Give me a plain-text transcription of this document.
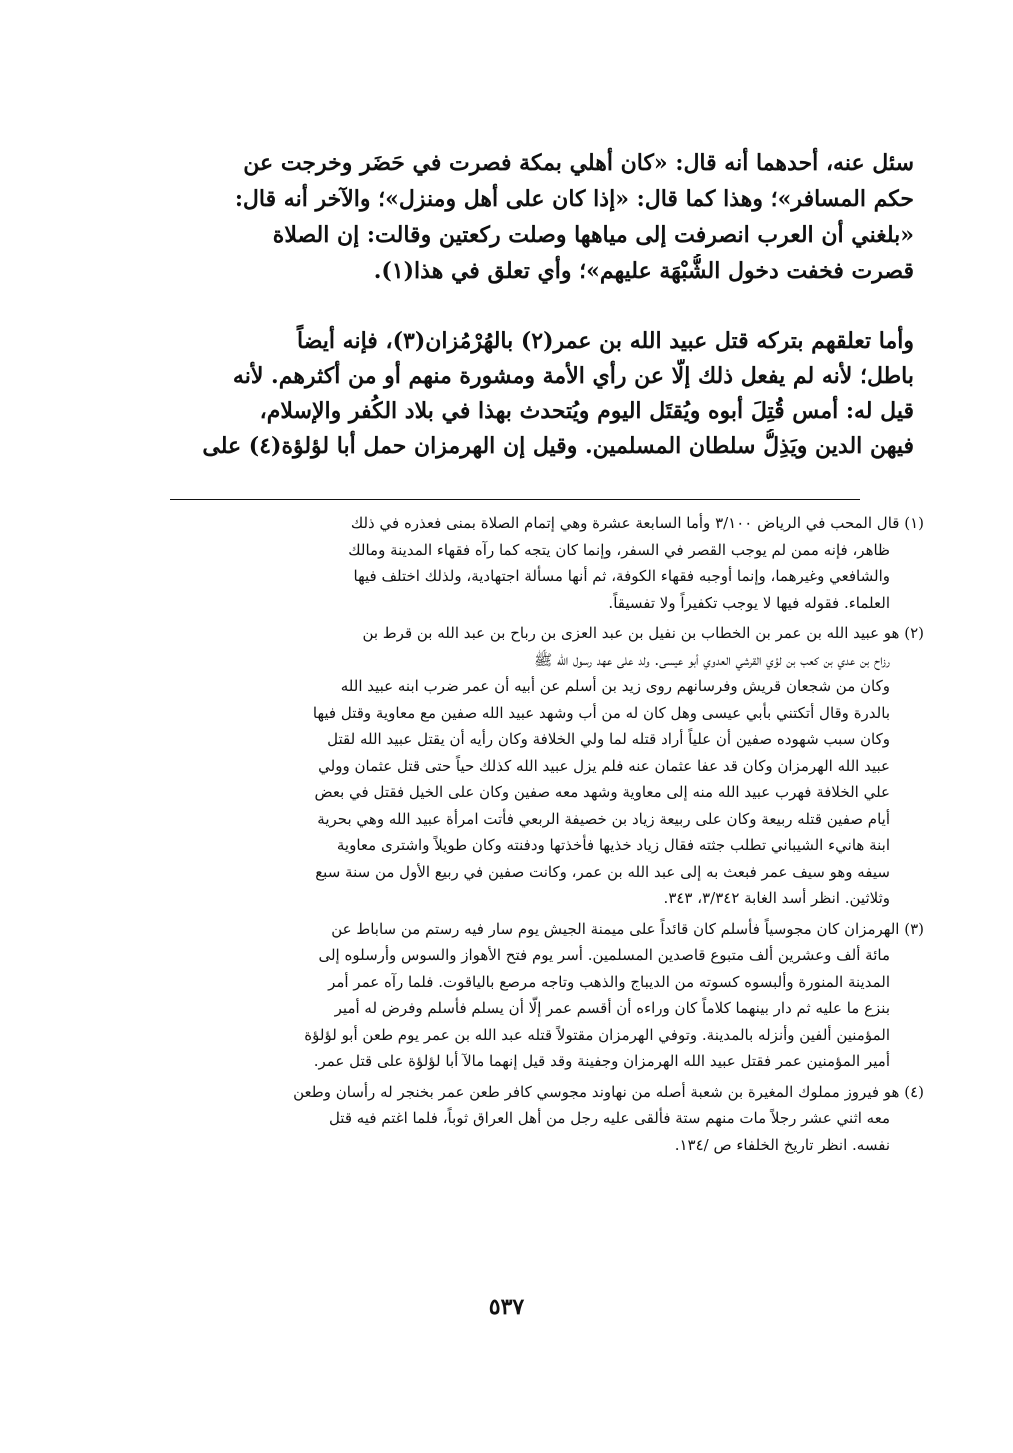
سئل عنه، أحدهما أنه قال: «كان أهلي بمكة فصرت في حَضَر وخرجت عن
حكم المسافر»؛ وهذا كما قال: «إذا كان على أهل ومنزل»؛ والآخر أنه قال:
«بلغني أن العرب انصرفت إلى مياهها وصلت ركعتين وقالت: إن الصلاة
قصرت فخفت دخول الشُّبْهَة عليهم»؛ وأي تعلق في هذا(١).
وأما تعلقهم بتركه قتل عبيد الله بن عمر(٢) بالهُرْمُزان(٣)، فإنه أيضاً
باطل؛ لأنه لم يفعل ذلك إلّا عن رأي الأمة ومشورة منهم أو من أكثرهم. لأنه
قيل له: أمس قُتِلَ أبوه ويُقتَل اليوم ويُتحدث بهذا في بلاد الكُفر والإسلام،
فيهن الدين ويَذِلُّ سلطان المسلمين. وقيل إن الهرمزان حمل أبا لؤلؤة(٤) على
(١) قال المحب في الرياض ٣/١٠٠ وأما السابعة عشرة وهي إتمام الصلاة بمنى فعذره في ذلك
ظاهر، فإنه ممن لم يوجب القصر في السفر، وإنما كان يتجه كما رآه فقهاء المدينة ومالك
والشافعي وغيرهما، وإنما أوجبه فقهاء الكوفة، ثم أنها مسألة اجتهادية، ولذلك اختلف فيها
العلماء. فقوله فيها لا يوجب تكفيراً ولا تفسيقاً.
(٢) هو عبيد الله بن عمر بن الخطاب بن نفيل بن عبد العزى بن رباح بن عبد الله بن قرط بن
رزاح بن عدي بن كعب بن لؤي القرشي العدوي أبو عيسى. ولد على عهد رسول الله ﷺ
وكان من شجعان قريش وفرسانهم روى زيد بن أسلم عن أبيه أن عمر ضرب ابنه عبيد الله
بالدرة وقال أتكتني بأبي عيسى وهل كان له من أب وشهد عبيد الله صفين مع معاوية وقتل فيها
وكان سبب شهوده صفين أن علياً أراد قتله لما ولي الخلافة وكان رأيه أن يقتل عبيد الله لقتل
عبيد الله الهرمزان وكان قد عفا عثمان عنه فلم يزل عبيد الله كذلك حياً حتى قتل عثمان وولي
علي الخلافة فهرب عبيد الله منه إلى معاوية وشهد معه صفين وكان على الخيل فقتل في بعض
أيام صفين قتله ربيعة وكان على ربيعة زياد بن خصيفة الربعي فأتت امرأة عبيد الله وهي بحرية
ابنة هانيء الشيباني تطلب جثته فقال زياد خذيها فأخذتها ودفنته وكان طويلاً واشترى معاوية
سيفه وهو سيف عمر فبعث به إلى عبد الله بن عمر، وكانت صفين في ربيع الأول من سنة سبع
وثلاثين. انظر أسد الغابة ٣/٣٤٢، ٣٤٣.
(٣) الهرمزان كان مجوسياً فأسلم كان قائداً على ميمنة الجيش يوم سار فيه رستم من ساباط عن
مائة ألف وعشرين ألف متبوع قاصدين المسلمين. أسر يوم فتح الأهواز والسوس وأرسلوه إلى
المدينة المنورة وألبسوه كسوته من الديباج والذهب وتاجه مرصع بالياقوت. فلما رآه عمر أمر
بنزع ما عليه ثم دار بينهما كلاماً كان وراءه أن أقسم عمر إلّا أن يسلم فأسلم وفرض له أمير
المؤمنين ألفين وأنزله بالمدينة. وتوفي الهرمزان مقتولاً قتله عبد الله بن عمر يوم طعن أبو لؤلؤة
أمير المؤمنين عمر فقتل عبيد الله الهرمزان وجفينة وقد قيل إنهما مالآ أبا لؤلؤة على قتل عمر.
(٤) هو فيروز مملوك المغيرة بن شعبة أصله من نهاوند مجوسي كافر طعن عمر بخنجر له رأسان وطعن
معه اثني عشر رجلاً مات منهم ستة فألقى عليه رجل من أهل العراق ثوباً، فلما اغتم فيه قتل
نفسه. انظر تاريخ الخلفاء ص /١٣٤.
٥٣٧
